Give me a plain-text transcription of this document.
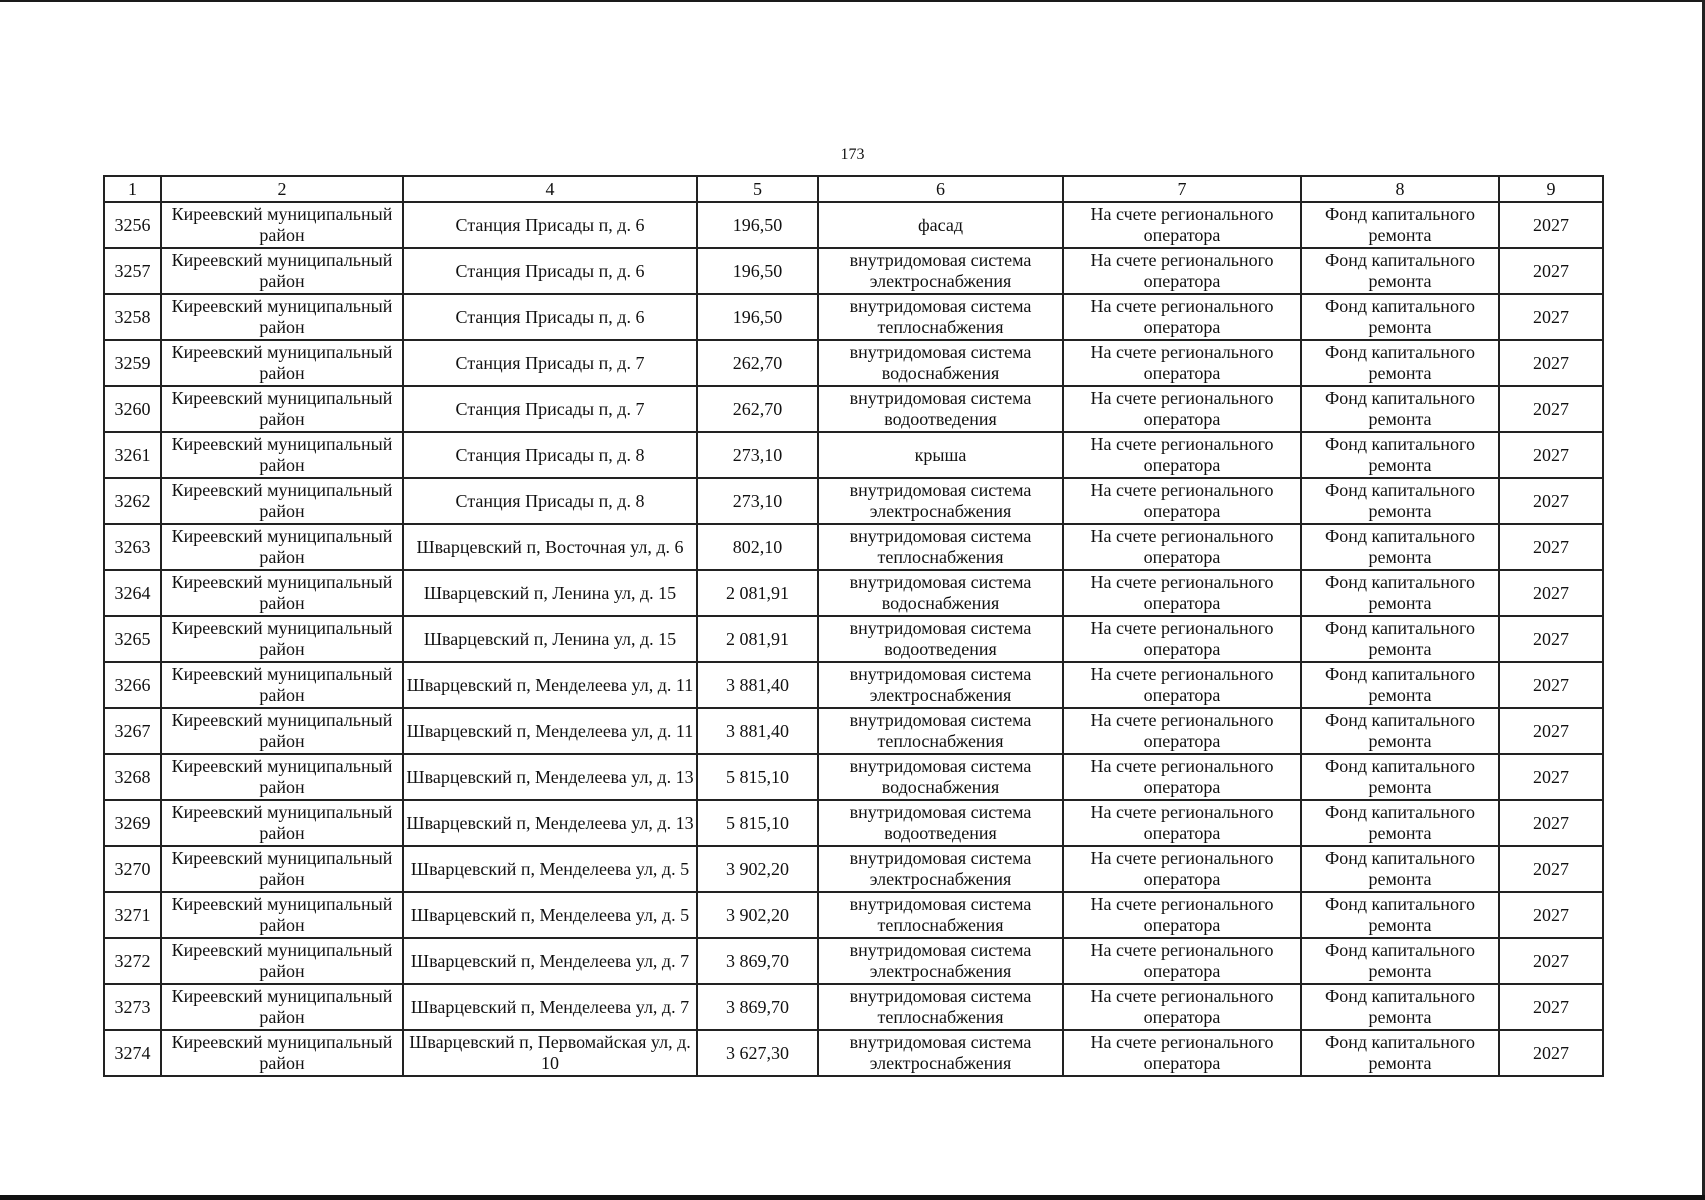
173
1	2	4	5	6	7	8	9
3256	Киреевский муниципальный район	Станция Присады п, д. 6	196,50	фасад	На счете регионального оператора	Фонд капитального ремонта	2027
3257	Киреевский муниципальный район	Станция Присады п, д. 6	196,50	внутридомовая система электроснабжения	На счете регионального оператора	Фонд капитального ремонта	2027
3258	Киреевский муниципальный район	Станция Присады п, д. 6	196,50	внутридомовая система теплоснабжения	На счете регионального оператора	Фонд капитального ремонта	2027
3259	Киреевский муниципальный район	Станция Присады п, д. 7	262,70	внутридомовая система водоснабжения	На счете регионального оператора	Фонд капитального ремонта	2027
3260	Киреевский муниципальный район	Станция Присады п, д. 7	262,70	внутридомовая система водоотведения	На счете регионального оператора	Фонд капитального ремонта	2027
3261	Киреевский муниципальный район	Станция Присады п, д. 8	273,10	крыша	На счете регионального оператора	Фонд капитального ремонта	2027
3262	Киреевский муниципальный район	Станция Присады п, д. 8	273,10	внутридомовая система электроснабжения	На счете регионального оператора	Фонд капитального ремонта	2027
3263	Киреевский муниципальный район	Шварцевский п, Восточная ул, д. 6	802,10	внутридомовая система теплоснабжения	На счете регионального оператора	Фонд капитального ремонта	2027
3264	Киреевский муниципальный район	Шварцевский п, Ленина ул, д. 15	2 081,91	внутридомовая система водоснабжения	На счете регионального оператора	Фонд капитального ремонта	2027
3265	Киреевский муниципальный район	Шварцевский п, Ленина ул, д. 15	2 081,91	внутридомовая система водоотведения	На счете регионального оператора	Фонд капитального ремонта	2027
3266	Киреевский муниципальный район	Шварцевский п, Менделеева ул, д. 11	3 881,40	внутридомовая система электроснабжения	На счете регионального оператора	Фонд капитального ремонта	2027
3267	Киреевский муниципальный район	Шварцевский п, Менделеева ул, д. 11	3 881,40	внутридомовая система теплоснабжения	На счете регионального оператора	Фонд капитального ремонта	2027
3268	Киреевский муниципальный район	Шварцевский п, Менделеева ул, д. 13	5 815,10	внутридомовая система водоснабжения	На счете регионального оператора	Фонд капитального ремонта	2027
3269	Киреевский муниципальный район	Шварцевский п, Менделеева ул, д. 13	5 815,10	внутридомовая система водоотведения	На счете регионального оператора	Фонд капитального ремонта	2027
3270	Киреевский муниципальный район	Шварцевский п, Менделеева ул, д. 5	3 902,20	внутридомовая система электроснабжения	На счете регионального оператора	Фонд капитального ремонта	2027
3271	Киреевский муниципальный район	Шварцевский п, Менделеева ул, д. 5	3 902,20	внутридомовая система теплоснабжения	На счете регионального оператора	Фонд капитального ремонта	2027
3272	Киреевский муниципальный район	Шварцевский п, Менделеева ул, д. 7	3 869,70	внутридомовая система электроснабжения	На счете регионального оператора	Фонд капитального ремонта	2027
3273	Киреевский муниципальный район	Шварцевский п, Менделеева ул, д. 7	3 869,70	внутридомовая система теплоснабжения	На счете регионального оператора	Фонд капитального ремонта	2027
3274	Киреевский муниципальный район	Шварцевский п, Первомайская ул, д. 10	3 627,30	внутридомовая система электроснабжения	На счете регионального оператора	Фонд капитального ремонта	2027
